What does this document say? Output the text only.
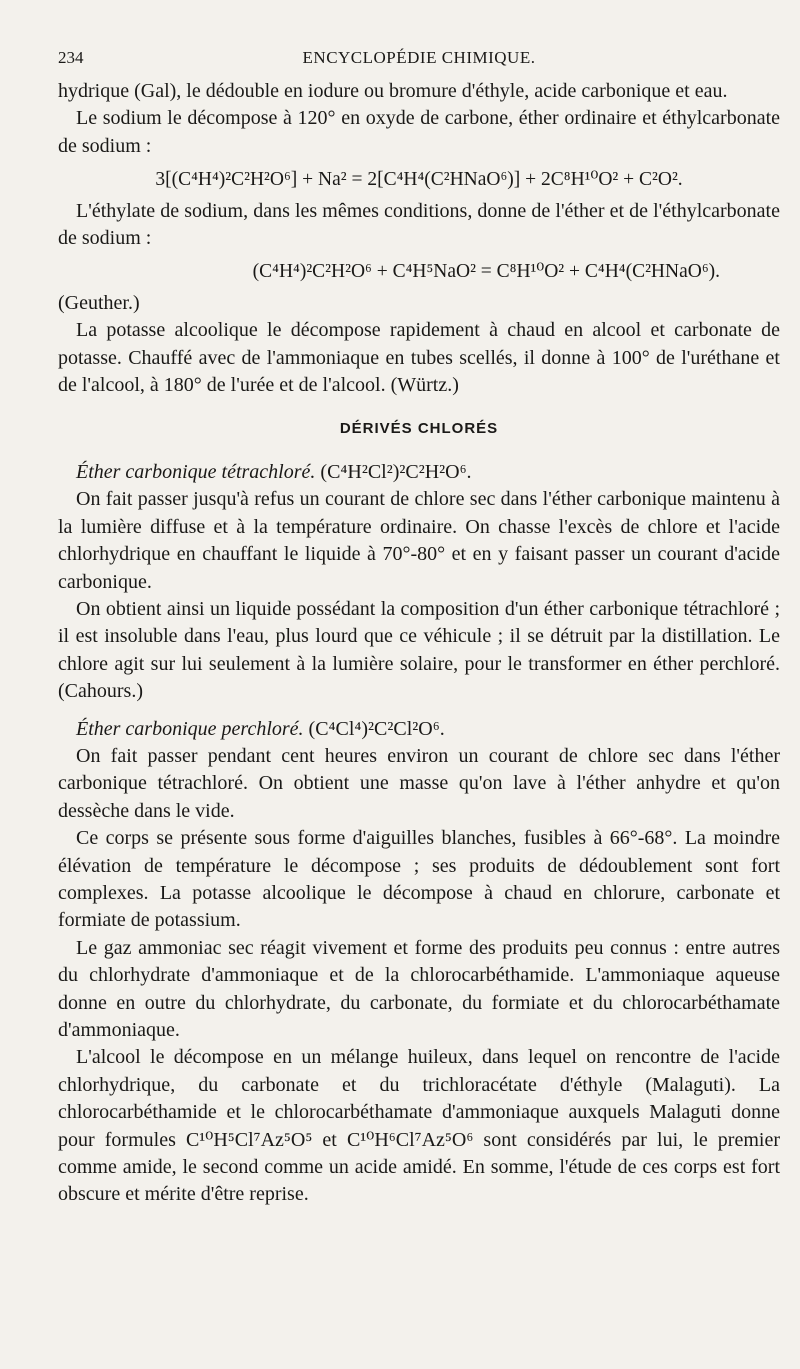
234	ENCYCLOPÉDIE CHIMIQUE.

hydrique (Gal), le dédouble en iodure ou bromure d'éthyle, acide carbonique et eau.

Le sodium le décompose à 120° en oxyde de carbone, éther ordinaire et éthylcarbonate de sodium :

3[(C⁴H⁴)²C²H²O⁶] + Na² = 2[C⁴H⁴(C²HNaO⁶)] + 2C⁸H¹⁰O² + C²O².

L'éthylate de sodium, dans les mêmes conditions, donne de l'éther et de l'éthylcarbonate de sodium :

(C⁴H⁴)²C²H²O⁶ + C⁴H⁵NaO² = C⁸H¹⁰O² + C⁴H⁴(C²HNaO⁶).

(Geuther.)

La potasse alcoolique le décompose rapidement à chaud en alcool et carbonate de potasse. Chauffé avec de l'ammoniaque en tubes scellés, il donne à 100° de l'uréthane et de l'alcool, à 180° de l'urée et de l'alcool. (Würtz.)

DÉRIVÉS CHLORÉS

Éther carbonique tétrachloré. (C⁴H²Cl²)²C²H²O⁶.

On fait passer jusqu'à refus un courant de chlore sec dans l'éther carbonique maintenu à la lumière diffuse et à la température ordinaire. On chasse l'excès de chlore et l'acide chlorhydrique en chauffant le liquide à 70°-80° et en y faisant passer un courant d'acide carbonique.

On obtient ainsi un liquide possédant la composition d'un éther carbonique tétrachloré ; il est insoluble dans l'eau, plus lourd que ce véhicule ; il se détruit par la distillation. Le chlore agit sur lui seulement à la lumière solaire, pour le transformer en éther perchloré. (Cahours.)

Éther carbonique perchloré. (C⁴Cl⁴)²C²Cl²O⁶.

On fait passer pendant cent heures environ un courant de chlore sec dans l'éther carbonique tétrachloré. On obtient une masse qu'on lave à l'éther anhydre et qu'on dessèche dans le vide.

Ce corps se présente sous forme d'aiguilles blanches, fusibles à 66°-68°. La moindre élévation de température le décompose ; ses produits de dédoublement sont fort complexes. La potasse alcoolique le décompose à chaud en chlorure, carbonate et formiate de potassium.

Le gaz ammoniac sec réagit vivement et forme des produits peu connus : entre autres du chlorhydrate d'ammoniaque et de la chlorocarbéthamide. L'ammoniaque aqueuse donne en outre du chlorhydrate, du carbonate, du formiate et du chlorocarbéthamate d'ammoniaque.

L'alcool le décompose en un mélange huileux, dans lequel on rencontre de l'acide chlorhydrique, du carbonate et du trichloracétate d'éthyle (Malaguti). La chlorocarbéthamide et le chlorocarbéthamate d'ammoniaque auxquels Malaguti donne pour formules C¹⁰H⁵Cl⁷Az⁵O⁵ et C¹⁰H⁶Cl⁷Az⁵O⁶ sont considérés par lui, le premier comme amide, le second comme un acide amidé. En somme, l'étude de ces corps est fort obscure et mérite d'être reprise.
